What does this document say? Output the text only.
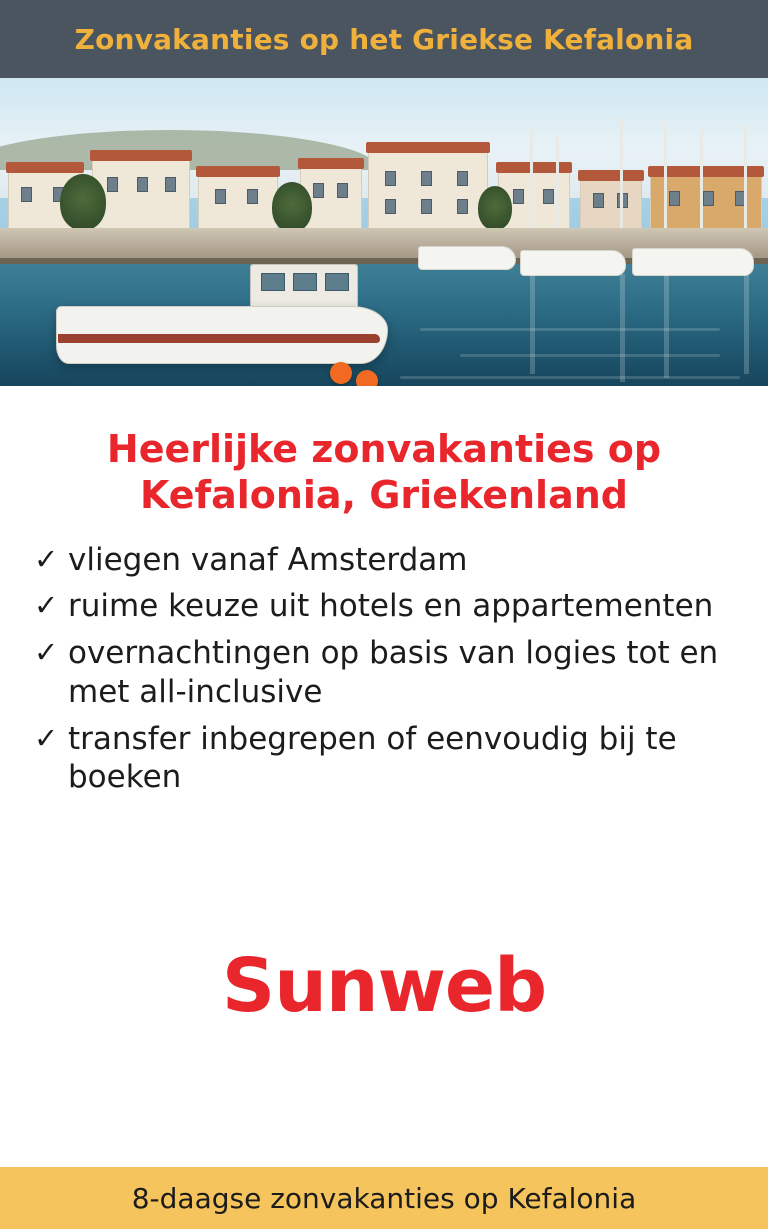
Zonvakanties op het Griekse Kefalonia
Heerlijke zonvakanties op Kefalonia, Griekenland
✓ vliegen vanaf Amsterdam
✓ ruime keuze uit hotels en appartementen
✓ overnachtingen op basis van logies tot en met all-inclusive
✓ transfer inbegrepen of eenvoudig bij te boeken
Sunweb
8-daagse zonvakanties op Kefalonia
